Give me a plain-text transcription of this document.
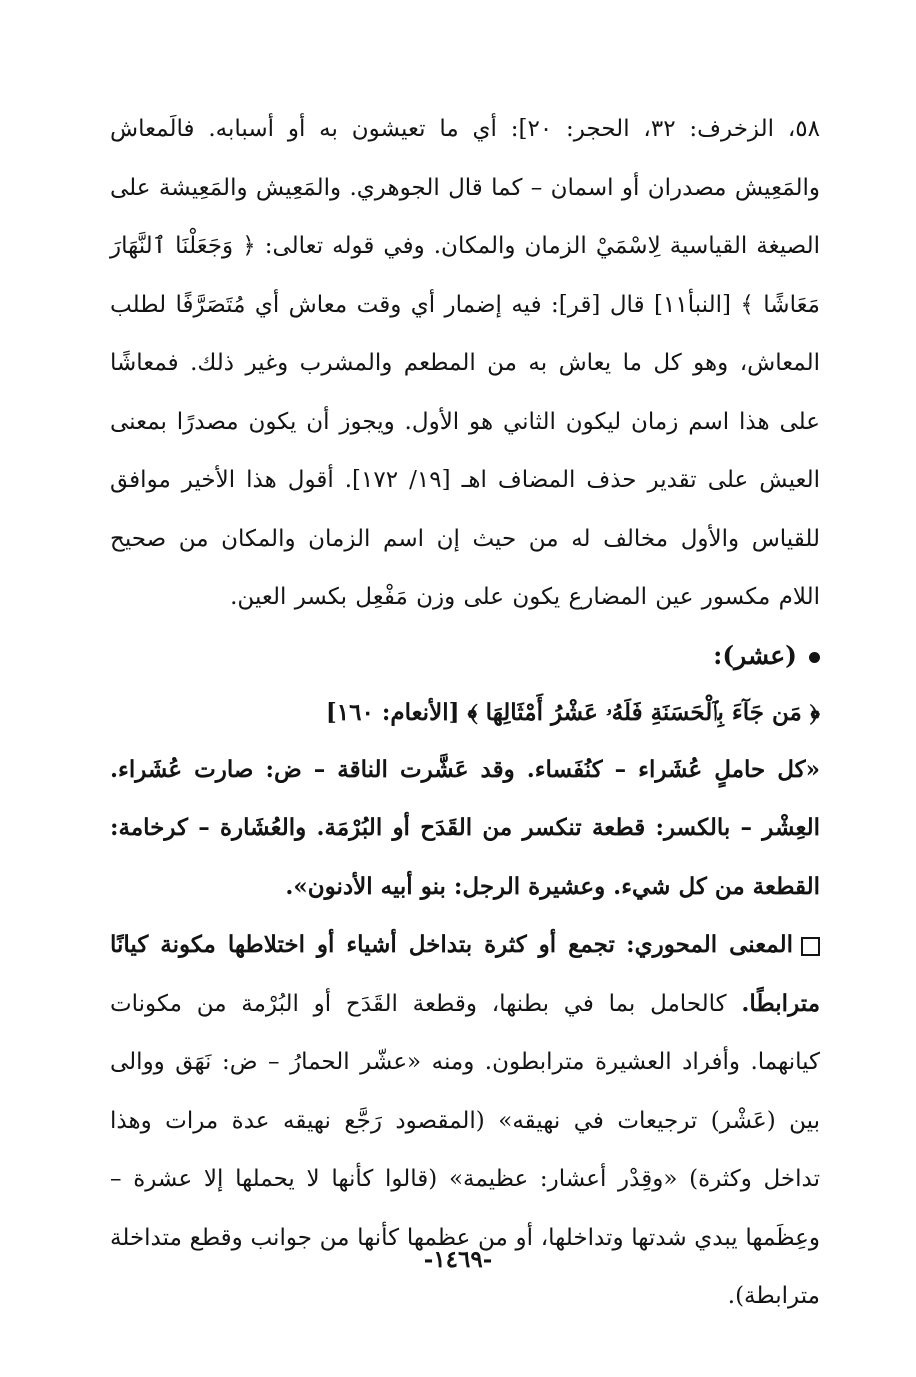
٥٨، الزخرف: ٣٢، الحجر: ٢٠]: أي ما تعيشون به أو أسبابه. فالَمعاش والمَعِيش مصدران أو اسمان – كما قال الجوهري. والمَعِيش والمَعِيشة على الصيغة القياسية لِاسْمَيْ الزمان والمكان. وفي قوله تعالى: ﴿ وَجَعَلْنَا ٱلنَّهَارَ مَعَاشًا ﴾ [النبأ١١] قال [قر]: فيه إضمار أي وقت معاش أي مُتَصَرَّفًا لطلب المعاش، وهو كل ما يعاش به من المطعم والمشرب وغير ذلك. فمعاشًا على هذا اسم زمان ليكون الثاني هو الأول. ويجوز أن يكون مصدرًا بمعنى العيش على تقدير حذف المضاف اهـ [١٩/ ١٧٢]. أقول هذا الأخير موافق للقياس والأول مخالف له من حيث إن اسم الزمان والمكان من صحيح اللام مكسور عين المضارع يكون على وزن مَفْعِل بكسر العين.

(عشر):

﴿ مَن جَآءَ بِٱلْحَسَنَةِ فَلَهُۥ عَشْرُ أَمْثَالِهَا ﴾ [الأنعام: ١٦٠]

«كل حاملٍ عُشَراء – كنُفَساء. وقد عَشَّرت الناقة – ض: صارت عُشَراء. العِشْر – بالكسر: قطعة تنكسر من القَدَح أو البُرْمَة. والعُشَارة – كرخامة: القطعة من كل شيء. وعشيرة الرجل: بنو أبيه الأدنون».

المعنى المحوري: تجمع أو كثرة بتداخل أشياء أو اختلاطها مكونة كيانًا مترابطًا. كالحامل بما في بطنها، وقطعة القَدَح أو البُرْمة من مكونات كيانهما. وأفراد العشيرة مترابطون. ومنه «عشّر الحمارُ – ض: نَهَق ووالى بين (عَشْر) ترجيعات في نهيقه» (المقصود رَجَّع نهيقه عدة مرات وهذا تداخل وكثرة) «وقِدْر أعشار: عظيمة» (قالوا كأنها لا يحملها إلا عشرة – وعِظَمها يبدي شدتها وتداخلها، أو من عظمها كأنها من جوانب وقطع متداخلة مترابطة).

-١٤٦٩-
